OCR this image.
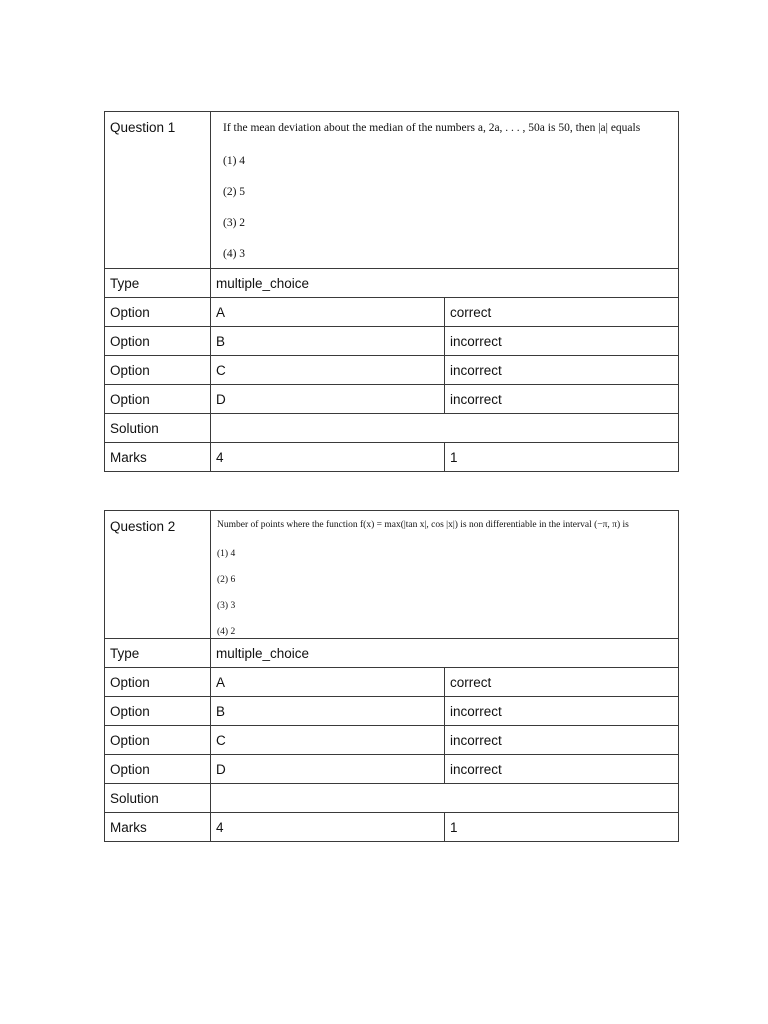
Question 1	If the mean deviation about the median of the numbers a, 2a, . . . , 50a is 50, then |a| equals
(1) 4
(2) 5
(3) 2
(4) 3	

Type	multiple_choice	
Option	A	correct
Option	B	incorrect
Option	C	incorrect
Option	D	incorrect
Solution		
Marks	4	1
Question 2	Number of points where the function f(x) = max(|tan x|, cos |x|) is non differentiable in the interval (−π, π) is
(1) 4
(2) 6
(3) 3
(4) 2	

Type	multiple_choice	
Option	A	correct
Option	B	incorrect
Option	C	incorrect
Option	D	incorrect
Solution		
Marks	4	1
